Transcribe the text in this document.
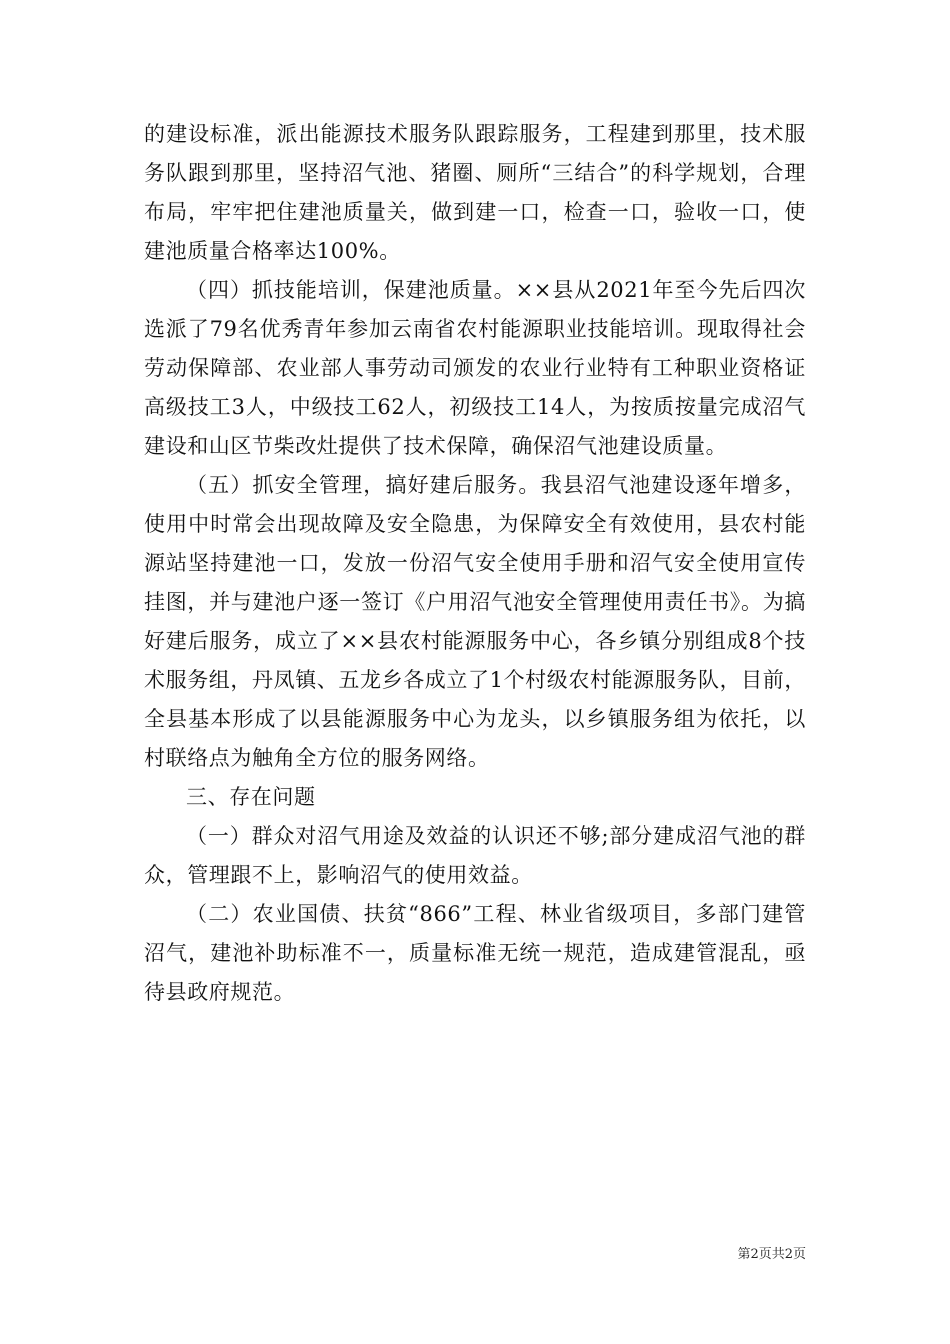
的建设标准，派出能源技术服务队跟踪服务，工程建到那里，技术服务队跟到那里，坚持沼气池、猪圈、厕所“三结合”的科学规划，合理布局，牢牢把住建池质量关，做到建一口，检查一口，验收一口，使建池质量合格率达100%。

（四）抓技能培训，保建池质量。××县从2021年至今先后四次选派了79名优秀青年参加云南省农村能源职业技能培训。现取得社会劳动保障部、农业部人事劳动司颁发的农业行业特有工种职业资格证高级技工3人，中级技工62人，初级技工14人，为按质按量完成沼气建设和山区节柴改灶提供了技术保障，确保沼气池建设质量。

（五）抓安全管理，搞好建后服务。我县沼气池建设逐年增多，使用中时常会出现故障及安全隐患，为保障安全有效使用，县农村能源站坚持建池一口，发放一份沼气安全使用手册和沼气安全使用宣传挂图，并与建池户逐一签订《户用沼气池安全管理使用责任书》。为搞好建后服务，成立了××县农村能源服务中心，各乡镇分别组成8个技术服务组，丹凤镇、五龙乡各成立了1个村级农村能源服务队，目前，全县基本形成了以县能源服务中心为龙头，以乡镇服务组为依托，以村联络点为触角全方位的服务网络。

三、存在问题

（一）群众对沼气用途及效益的认识还不够;部分建成沼气池的群众，管理跟不上，影响沼气的使用效益。

（二）农业国债、扶贫“866”工程、林业省级项目，多部门建管沼气，建池补助标准不一，质量标准无统一规范，造成建管混乱，亟待县政府规范。

第2页共2页
